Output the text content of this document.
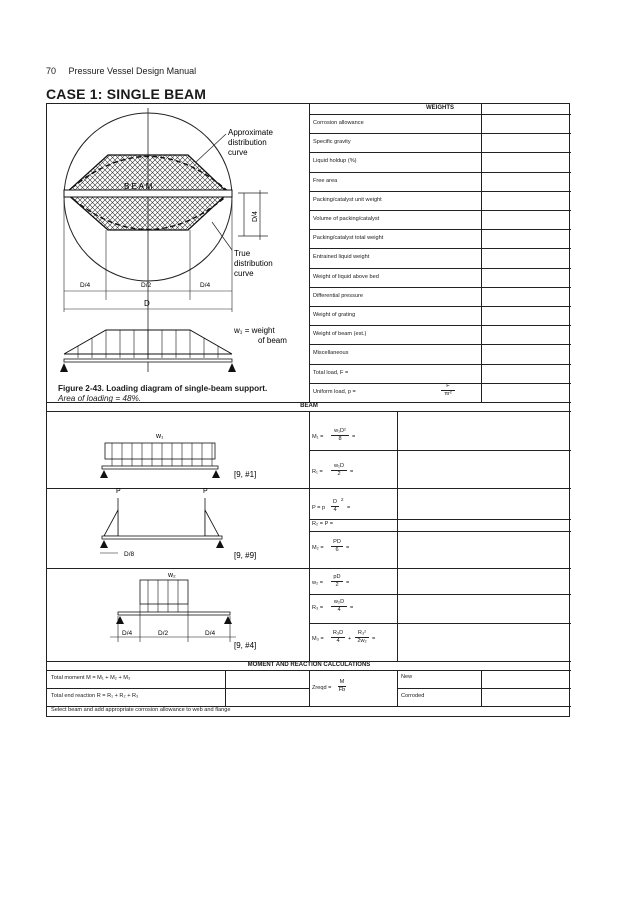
70 Pressure Vessel Design Manual
CASE 1: SINGLE BEAM
WEIGHTS
Corrosion allowance
Specific gravity
Liquid holdup (%)
Free area
Packing/catalyst unit weight
Volume of packing/catalyst
Packing/catalyst total weight
Entrained liquid weight
Weight of liquid above bed
Differential pressure
Weight of grating
Weight of beam (est.)
Miscellaneous
Total load, F =
Uniform load, p =
F
πr²
BEAM
M₁ =
w₁D²
8	=
R₁ =
w₁D
2	=
P = p
D
4
2
=
R₂ = P =
M₂ =
PD
6	=
w₂ =
pD
2	=
R₃ =
w₂D
4	=
M₃ =
R₃D
4	+
R₃²
2w₂ =
MOMENT AND REACTION CALCULATIONS
Total moment M = M₁ + M₂ + M₃
Total end reaction R = R₁ + R₂ + R₃
Zreqd =
M
Fb
New
Corroded
Select beam and add appropriate corrosion allowance to web and flange
B E A M
D/4
D/4	D/2	D/4
D
w₁ = weight
of beam
Approximate
distribution
curve
True
distribution
curve
w₁
[9, #1]
P	P
D/8	[9, #9]
w₂
D/4	D/2	D/4
[9, #4]
Figure 2-43. Loading diagram of single-beam support.
Area of loading = 48%.
